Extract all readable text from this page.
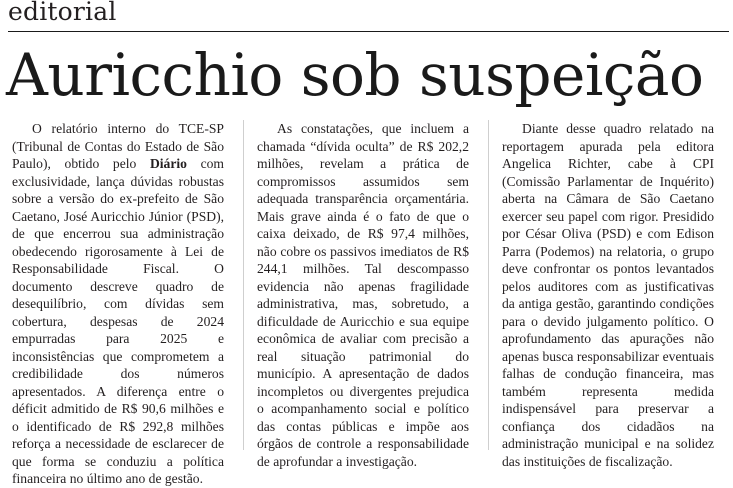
editorial
Auricchio sob suspeição

O relatório interno do TCE-SP (Tribunal de Contas do Estado de São Paulo), obtido pelo Diário com exclusividade, lança dúvidas robustas sobre a versão do ex-prefeito de São Caetano, José Auricchio Júnior (PSD), de que encerrou sua administração obedecendo rigorosamente à Lei de Responsabilidade Fiscal. O documento descreve quadro de desequilíbrio, com dívidas sem cobertura, despesas de 2024 empurradas para 2025 e inconsistências que comprometem a credibilidade dos números apresentados. A diferença entre o déficit admitido de R$ 90,6 milhões e o identificado de R$ 292,8 milhões reforça a necessidade de esclarecer de que forma se conduziu a política financeira no último ano de gestão.

As constatações, que incluem a chamada “dívida oculta” de R$ 202,2 milhões, revelam a prática de compromissos assumidos sem adequada transparência orçamentária. Mais grave ainda é o fato de que o caixa deixado, de R$ 97,4 milhões, não cobre os passivos imediatos de R$ 244,1 milhões. Tal descompasso evidencia não apenas fragilidade administrativa, mas, sobretudo, a dificuldade de Auricchio e sua equipe econômica de avaliar com precisão a real situação patrimonial do município. A apresentação de dados incompletos ou divergentes prejudica o acompanhamento social e político das contas públicas e impõe aos órgãos de controle a responsabilidade de aprofundar a investigação.

Diante desse quadro relatado na reportagem apurada pela editora Angelica Richter, cabe à CPI (Comissão Parlamentar de Inquérito) aberta na Câmara de São Caetano exercer seu papel com rigor. Presidido por César Oliva (PSD) e com Edison Parra (Podemos) na relatoria, o grupo deve confrontar os pontos levantados pelos auditores com as justificativas da antiga gestão, garantindo condições para o devido julgamento político. O aprofundamento das apurações não apenas busca responsabilizar eventuais falhas de condução financeira, mas também representa medida indispensável para preservar a confiança dos cidadãos na administração municipal e na solidez das instituições de fiscalização.
